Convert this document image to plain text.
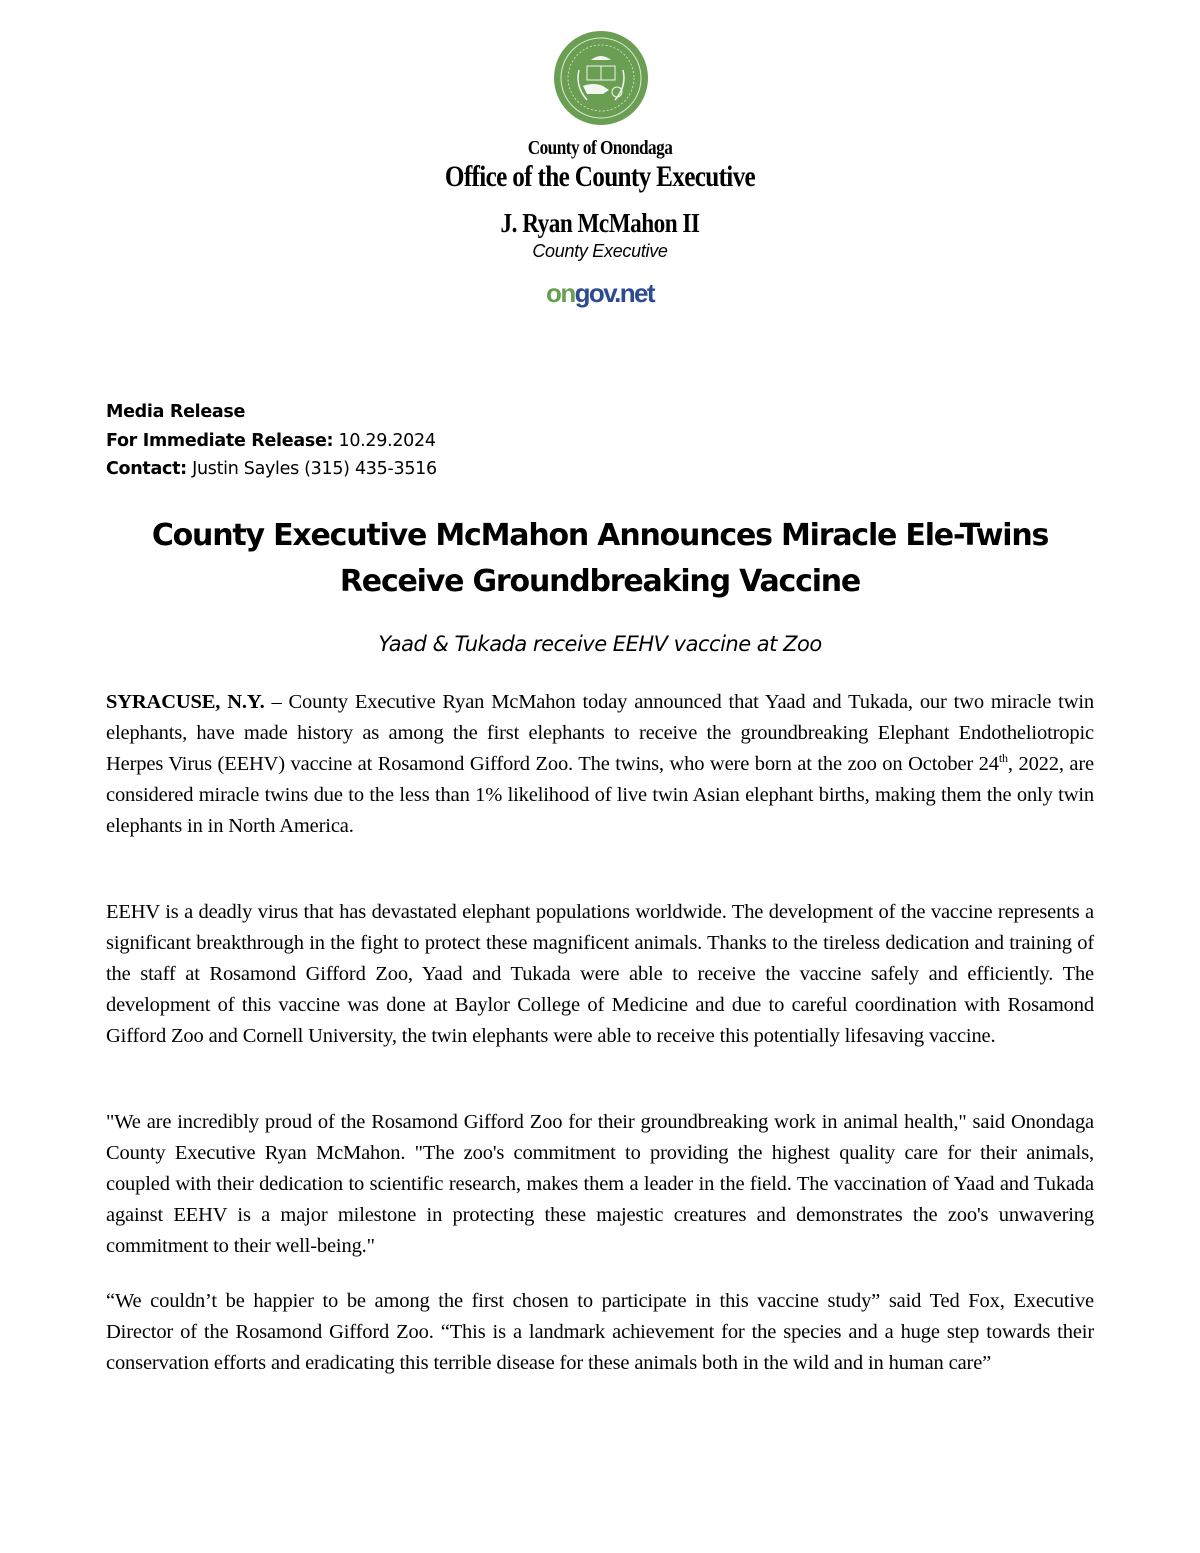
County of Onondaga
Office of the County Executive
J. Ryan McMahon II
County Executive
ongov.net
Media Release
For Immediate Release: 10.29.2024
Contact: Justin Sayles (315) 435-3516
County Executive McMahon Announces Miracle Ele-Twins
Receive Groundbreaking Vaccine
Yaad & Tukada receive EEHV vaccine at Zoo

SYRACUSE, N.Y. – County Executive Ryan McMahon today announced that Yaad and Tukada, our two miracle twin elephants, have made history as among the first elephants to receive the groundbreaking Elephant Endotheliotropic Herpes Virus (EEHV) vaccine at Rosamond Gifford Zoo. The twins, who were born at the zoo on October 24th, 2022, are considered miracle twins due to the less than 1% likelihood of live twin Asian elephant births, making them the only twin elephants in in North America.

EEHV is a deadly virus that has devastated elephant populations worldwide. The development of the vaccine represents a significant breakthrough in the fight to protect these magnificent animals. Thanks to the tireless dedication and training of the staff at Rosamond Gifford Zoo, Yaad and Tukada were able to receive the vaccine safely and efficiently. The development of this vaccine was done at Baylor College of Medicine and due to careful coordination with Rosamond Gifford Zoo and Cornell University, the twin elephants were able to receive this potentially lifesaving vaccine.

"We are incredibly proud of the Rosamond Gifford Zoo for their groundbreaking work in animal health," said Onondaga County Executive Ryan McMahon. "The zoo's commitment to providing the highest quality care for their animals, coupled with their dedication to scientific research, makes them a leader in the field. The vaccination of Yaad and Tukada against EEHV is a major milestone in protecting these majestic creatures and demonstrates the zoo's unwavering commitment to their well-being."

“We couldn’t be happier to be among the first chosen to participate in this vaccine study” said Ted Fox, Executive Director of the Rosamond Gifford Zoo. “This is a landmark achievement for the species and a huge step towards their conservation efforts and eradicating this terrible disease for these animals both in the wild and in human care”
